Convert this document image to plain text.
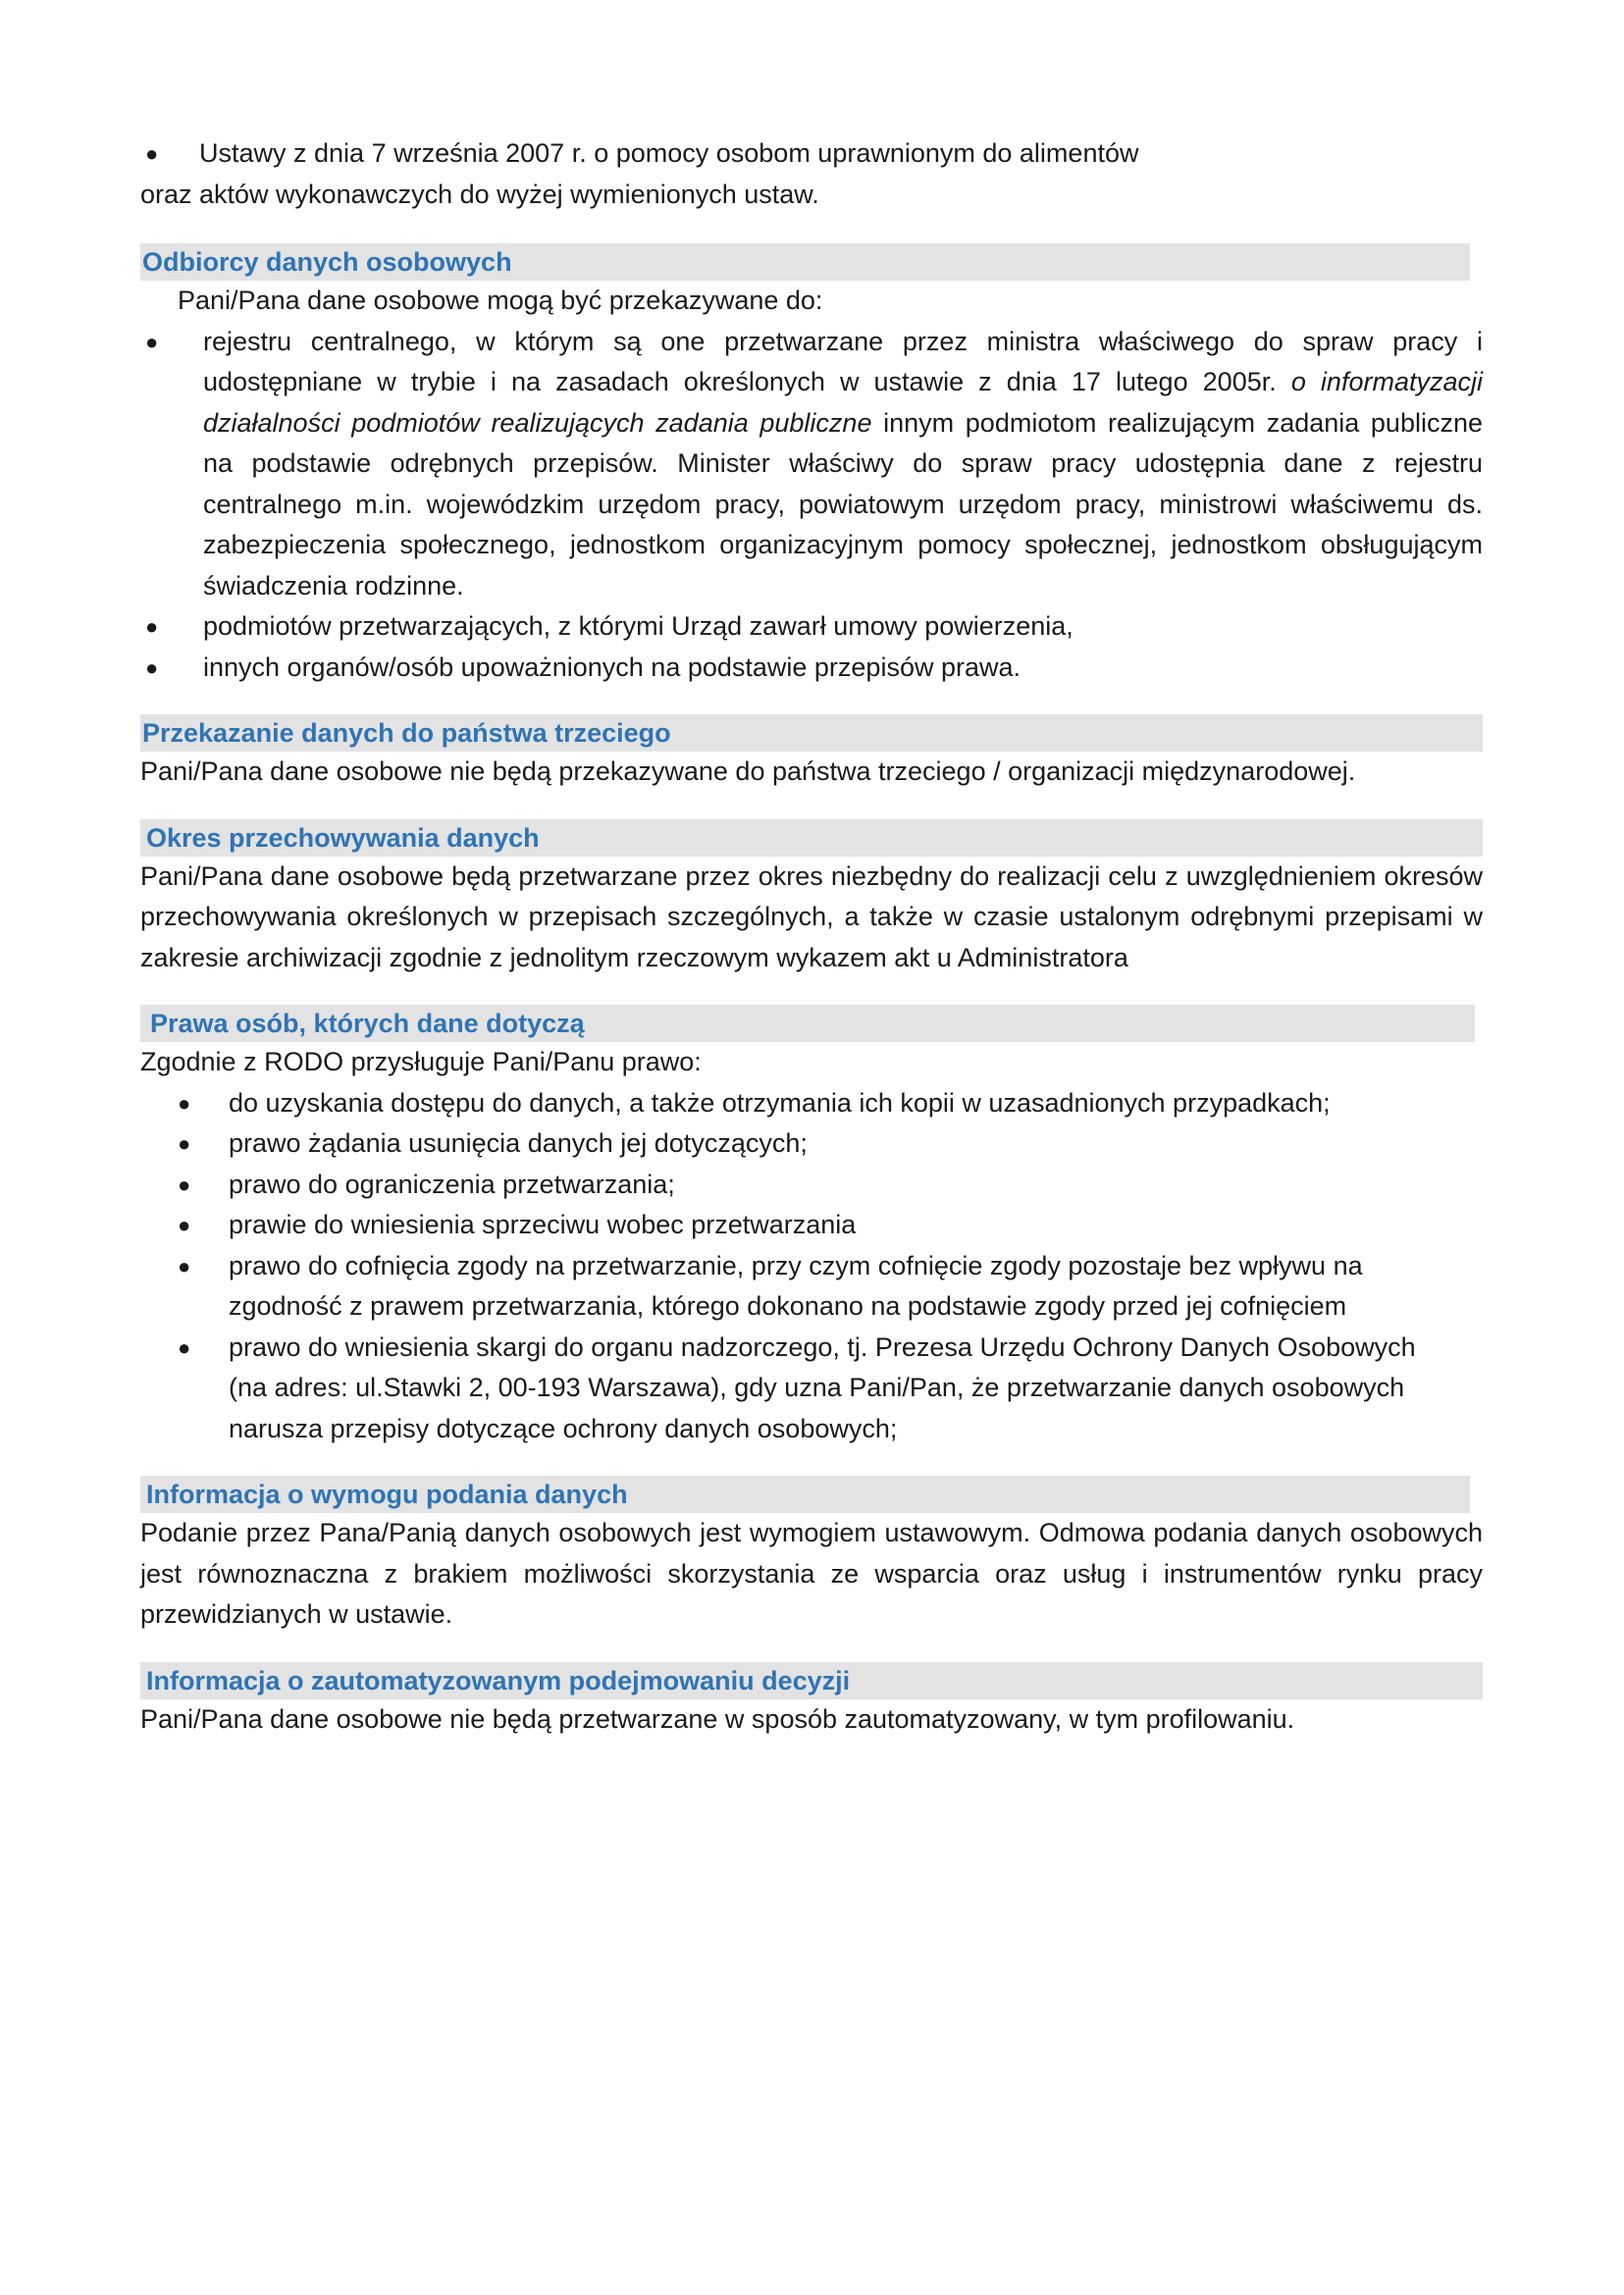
● Ustawy z dnia 7 września 2007 r. o pomocy osobom uprawnionym do alimentów

oraz aktów wykonawczych do wyżej wymienionych ustaw.

Odbiorcy danych osobowych

Pani/Pana dane osobowe mogą być przekazywane do:

● rejestru centralnego, w którym są one przetwarzane przez ministra właściwego do spraw pracy i udostępniane w trybie i na zasadach określonych w ustawie z dnia 17 lutego 2005r. o informatyzacji działalności podmiotów realizujących zadania publiczne innym podmiotom realizującym zadania publiczne na podstawie odrębnych przepisów. Minister właściwy do spraw pracy udostępnia dane z rejestru centralnego m.in. wojewódzkim urzędom pracy, powiatowym urzędom pracy, ministrowi właściwemu ds. zabezpieczenia społecznego, jednostkom organizacyjnym pomocy społecznej, jednostkom obsługującym świadczenia rodzinne.
● podmiotów przetwarzających, z którymi Urząd zawarł umowy powierzenia,
● innych organów/osób upoważnionych na podstawie przepisów prawa.
Przekazanie danych do państwa trzeciego

Pani/Pana dane osobowe nie będą przekazywane do państwa trzeciego / organizacji międzynarodowej.

Okres przechowywania danych

Pani/Pana dane osobowe będą przetwarzane przez okres niezbędny do realizacji celu z uwzględnieniem okresów przechowywania określonych w przepisach szczególnych, a także w czasie ustalonym odrębnymi przepisami w zakresie archiwizacji zgodnie z jednolitym rzeczowym wykazem akt u Administratora

Prawa osób, których dane dotyczą

Zgodnie z RODO przysługuje Pani/Panu prawo:

● do uzyskania dostępu do danych, a także otrzymania ich kopii w uzasadnionych przypadkach;
● prawo żądania usunięcia danych jej dotyczących;
● prawo do ograniczenia przetwarzania;
● prawie do wniesienia sprzeciwu wobec przetwarzania
● prawo do cofnięcia zgody na przetwarzanie, przy czym cofnięcie zgody pozostaje bez wpływu na zgodność z prawem przetwarzania, którego dokonano na podstawie zgody przed jej cofnięciem
● prawo do wniesienia skargi do organu nadzorczego, tj. Prezesa Urzędu Ochrony Danych Osobowych (na adres: ul.Stawki 2, 00-193 Warszawa), gdy uzna Pani/Pan, że przetwarzanie danych osobowych narusza przepisy dotyczące ochrony danych osobowych;
Informacja o wymogu podania danych

Podanie przez Pana/Panią danych osobowych jest wymogiem ustawowym. Odmowa podania danych osobowych jest równoznaczna z brakiem możliwości skorzystania ze wsparcia oraz usług i instrumentów rynku pracy przewidzianych w ustawie.

Informacja o zautomatyzowanym podejmowaniu decyzji

Pani/Pana dane osobowe nie będą przetwarzane w sposób zautomatyzowany, w tym profilowaniu.
